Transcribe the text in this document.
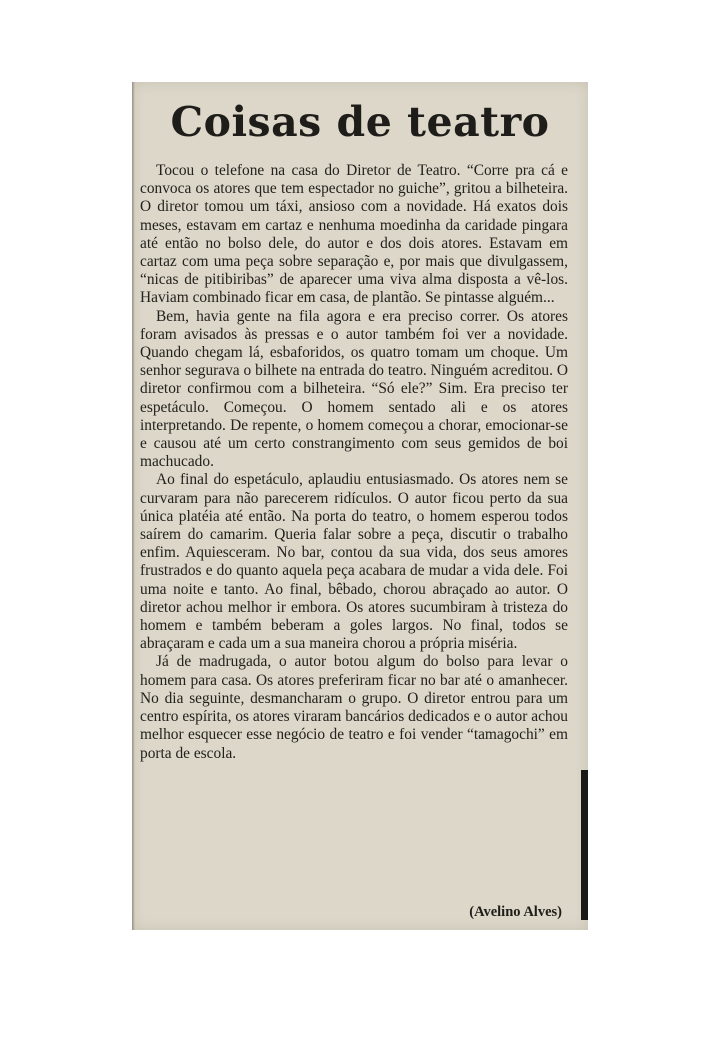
Coisas de teatro

Tocou o telefone na casa do Diretor de Teatro. “Corre pra cá e convoca os atores que tem espectador no guiche”, gritou a bilheteira. O diretor tomou um táxi, ansioso com a novidade. Há exatos dois meses, estavam em cartaz e nenhuma moedinha da caridade pingara até então no bolso dele, do autor e dos dois atores. Estavam em cartaz com uma peça sobre separação e, por mais que divulgassem, “nicas de pitibiribas” de aparecer uma viva alma disposta a vê-los. Haviam combinado ficar em casa, de plantão. Se pintasse alguém...

Bem, havia gente na fila agora e era preciso correr. Os atores foram avisados às pressas e o autor também foi ver a novidade. Quando chegam lá, esbaforidos, os quatro tomam um choque. Um senhor segurava o bilhete na entrada do teatro. Ninguém acreditou. O diretor confirmou com a bilheteira. “Só ele?” Sim. Era preciso ter espetáculo. Começou. O homem sentado ali e os atores interpretando. De repente, o homem começou a chorar, emocionar-se e causou até um certo constrangimento com seus gemidos de boi machucado.

Ao final do espetáculo, aplaudiu entusiasmado. Os atores nem se curvaram para não parecerem ridículos. O autor ficou perto da sua única platéia até então. Na porta do teatro, o homem esperou todos saírem do camarim. Queria falar sobre a peça, discutir o trabalho enfim. Aquiesceram. No bar, contou da sua vida, dos seus amores frustrados e do quanto aquela peça acabara de mudar a vida dele. Foi uma noite e tanto. Ao final, bêbado, chorou abraçado ao autor. O diretor achou melhor ir embora. Os atores sucumbiram à tristeza do homem e também beberam a goles largos. No final, todos se abraçaram e cada um a sua maneira chorou a própria miséria.

Já de madrugada, o autor botou algum do bolso para levar o homem para casa. Os atores preferiram ficar no bar até o amanhecer. No dia seguinte, desmancharam o grupo. O diretor entrou para um centro espírita, os atores viraram bancários dedicados e o autor achou melhor esquecer esse negócio de teatro e foi vender “tamagochi” em porta de escola.

(Avelino Alves)
